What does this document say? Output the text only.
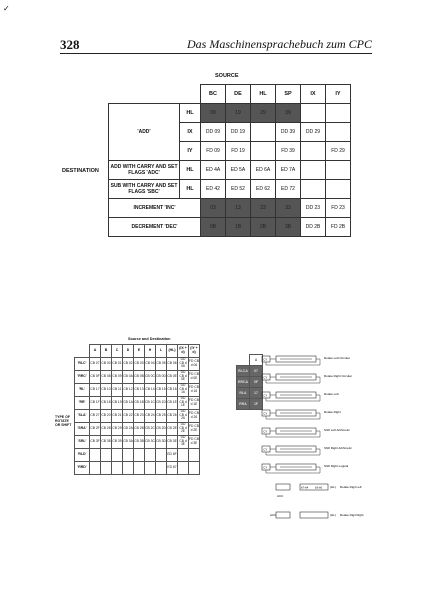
✓
328	Das Maschinensprachebuch zum CPC
SOURCE
DESTINATION
		BC	DE	HL	SP	IX	IY
'ADD'	HL	09	19	29	39		
	IX	DD 09	DD 19		DD 39	DD 29	
	IY	FD 09	FD 19		FD 39		FD 29
ADD WITH CARRY AND SET FLAGS 'ADC'	HL	ED 4A	ED 5A	ED 6A	ED 7A		
SUB WITH CARRY AND SET FLAGS 'SBC'	HL	ED 42	ED 52	ED 62	ED 72		
INCREMENT 'INC'		03	13	23	33	DD 23	FD 23
DECREMENT 'DEC'		0B	1B	2B	3B	DD 2B	FD 2B
Source and Destination
TYPE OF ROTATE OR SHIFT
	A	B	C	D	E	H	L	(HL)	(IX + d)	(IY + d)
'RLC'	CB 07	CB 00	CB 01	CB 02	CB 03	CB 04	CB 05	CB 06	DD CB d 06	FD CB d 06
'RRC'	CB 0F	CB 08	CB 09	CB 0A	CB 0B	CB 0C	CB 0D	CB 0E	DD CB d 0E	FD CB d 0E
'RL'	CB 17	CB 10	CB 11	CB 12	CB 13	CB 14	CB 15	CB 16	DD CB d 16	FD CB d 16
'RR'	CB 1F	CB 18	CB 19	CB 1A	CB 1B	CB 1C	CB 1D	CB 1E	DD CB d 1E	FD CB d 1E
'SLA'	CB 27	CB 20	CB 21	CB 22	CB 23	CB 24	CB 25	CB 26	DD CB d 26	FD CB d 26
'SRA'	CB 2F	CB 28	CB 29	CB 2A	CB 2B	CB 2C	CB 2D	CB 2E	DD CB d 2E	FD CB d 2E
'SRL'	CB 3F	CB 38	CB 39	CB 3A	CB 3B	CB 3C	CB 3D	CB 3E	DD CB d 3E	FD CB d 3E
'RLD'								ED 6F		
'RRD'								ED 67		
	A
RLCA	07
RRCA	0F
RLA	17
RRA	1F
CY	Rotate Left Circular
CY	Rotate Right Circular
CY	Rotate Left
CY	Rotate Right
CY	Shift Left Arithmetic
CY	Shift Right Arithmetic
CY	Shift Right Logical
ACC
b7-b4 b3-b0	(HL) Rotate Digit Left
ACC	(HL) Rotate Digit Right
